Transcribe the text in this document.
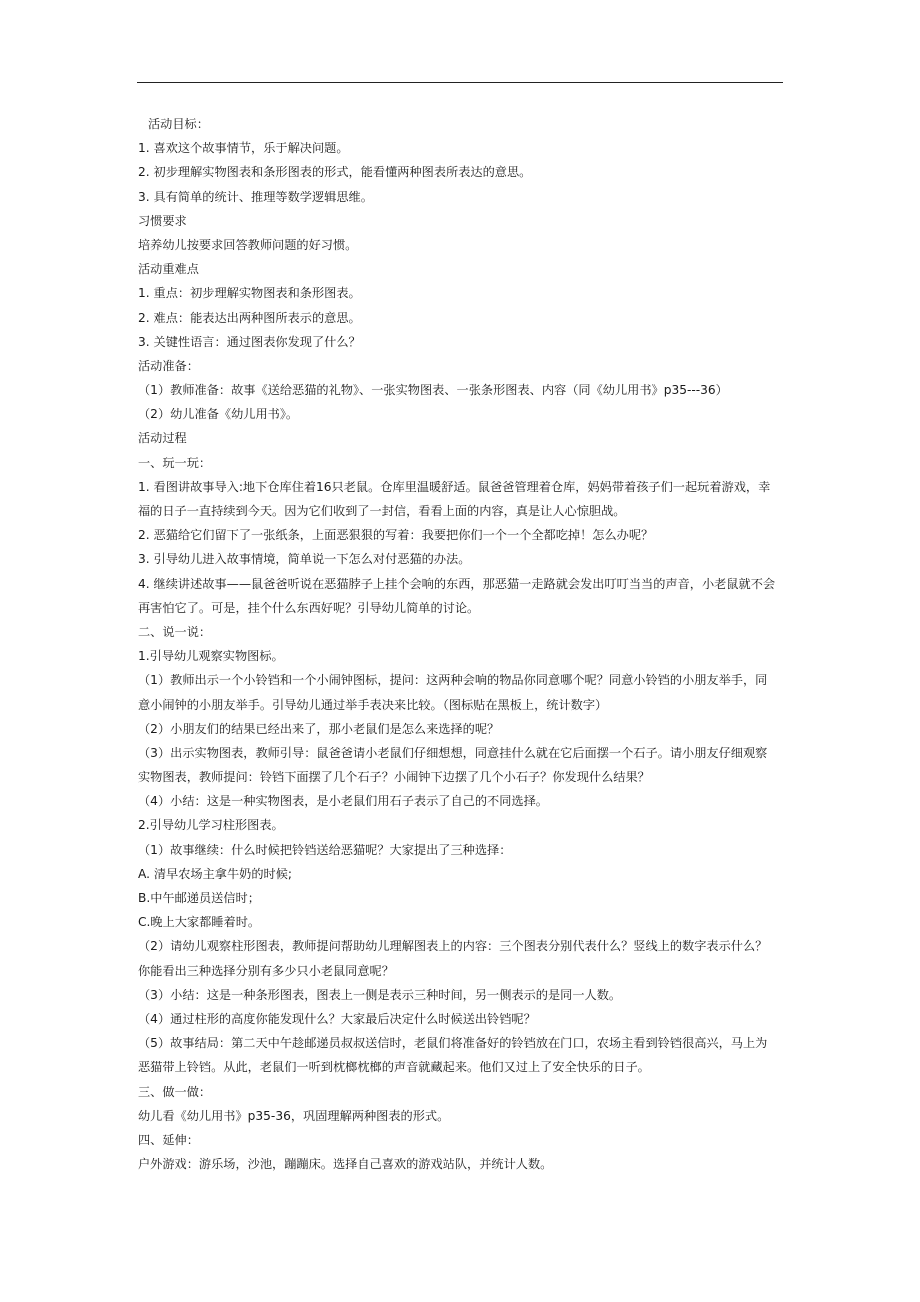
活动目标：
1. 喜欢这个故事情节，乐于解决问题。
2. 初步理解实物图表和条形图表的形式，能看懂两种图表所表达的意思。
3. 具有简单的统计、推理等数学逻辑思维。
习惯要求
培养幼儿按要求回答教师问题的好习惯。
活动重难点
1. 重点：初步理解实物图表和条形图表。
2. 难点：能表达出两种图所表示的意思。
3. 关键性语言：通过图表你发现了什么？
活动准备：
（1）教师准备：故事《送给恶猫的礼物》、一张实物图表、一张条形图表、内容（同《幼儿用书》p35---36）
（2）幼儿准备《幼儿用书》。
活动过程
一、玩一玩：
1. 看图讲故事导入:地下仓库住着16只老鼠。仓库里温暖舒适。鼠爸爸管理着仓库，妈妈带着孩子们一起玩着游戏，幸
福的日子一直持续到今天。因为它们收到了一封信，看看上面的内容，真是让人心惊胆战。
2. 恶猫给它们留下了一张纸条，上面恶狠狠的写着：我要把你们一个一个全都吃掉！怎么办呢？
3. 引导幼儿进入故事情境，简单说一下怎么对付恶猫的办法。
4. 继续讲述故事——鼠爸爸听说在恶猫脖子上挂个会响的东西，那恶猫一走路就会发出叮叮当当的声音，小老鼠就不会
再害怕它了。可是，挂个什么东西好呢？引导幼儿简单的讨论。
二、说一说：
1.引导幼儿观察实物图标。
（1）教师出示一个小铃铛和一个小闹钟图标，提问：这两种会响的物品你同意哪个呢？同意小铃铛的小朋友举手，同
意小闹钟的小朋友举手。引导幼儿通过举手表决来比较。（图标贴在黑板上，统计数字）
（2）小朋友们的结果已经出来了，那小老鼠们是怎么来选择的呢？
（3）出示实物图表，教师引导：鼠爸爸请小老鼠们仔细想想，同意挂什么就在它后面摆一个石子。请小朋友仔细观察
实物图表，教师提问：铃铛下面摆了几个石子？小闹钟下边摆了几个小石子？你发现什么结果？
（4）小结：这是一种实物图表，是小老鼠们用石子表示了自己的不同选择。
2.引导幼儿学习柱形图表。
（1）故事继续：什么时候把铃铛送给恶猫呢？大家提出了三种选择：
A. 清早农场主拿牛奶的时候;
B.中午邮递员送信时；
C.晚上大家都睡着时。
（2）请幼儿观察柱形图表，教师提问帮助幼儿理解图表上的内容：三个图表分别代表什么？竖线上的数字表示什么？
你能看出三种选择分别有多少只小老鼠同意呢？
（3）小结：这是一种条形图表，图表上一侧是表示三种时间，另一侧表示的是同一人数。
（4）通过柱形的高度你能发现什么？大家最后决定什么时候送出铃铛呢？
（5）故事结局：第二天中午趁邮递员叔叔送信时，老鼠们将准备好的铃铛放在门口，农场主看到铃铛很高兴，马上为
恶猫带上铃铛。从此，老鼠们一听到枕榔枕榔的声音就藏起来。他们又过上了安全快乐的日子。
三、做一做：
幼儿看《幼儿用书》p35-36，巩固理解两种图表的形式。
四、延伸：
户外游戏：游乐场，沙池，蹦蹦床。选择自己喜欢的游戏站队，并统计人数。
